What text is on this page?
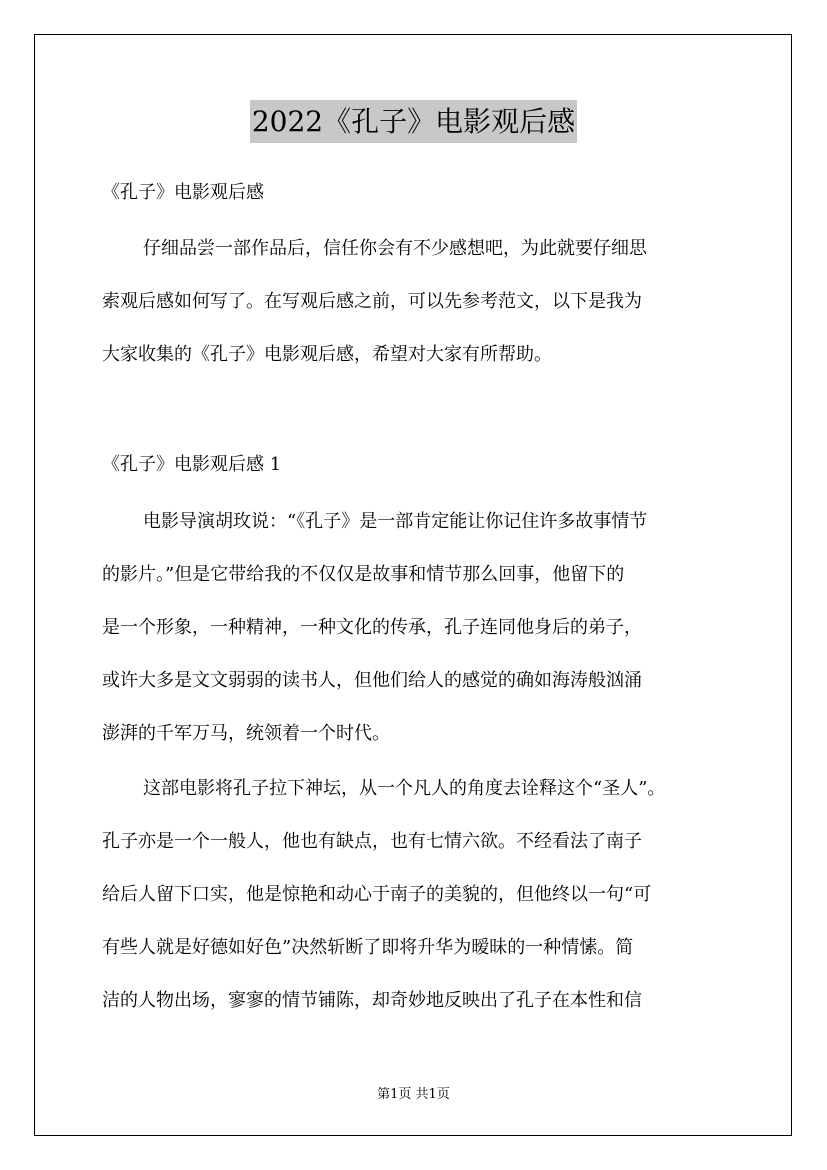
2022《孔子》电影观后感
《孔子》电影观后感
仔细品尝一部作品后，信任你会有不少感想吧，为此就要仔细思
索观后感如何写了。在写观后感之前，可以先参考范文，以下是我为
大家收集的《孔子》电影观后感，希望对大家有所帮助。
《孔子》电影观后感 1
电影导演胡玫说：“《孔子》是一部肯定能让你记住许多故事情节
的影片。”但是它带给我的不仅仅是故事和情节那么回事，他留下的
是一个形象，一种精神，一种文化的传承，孔子连同他身后的弟子，
或许大多是文文弱弱的读书人，但他们给人的感觉的确如海涛般汹涌
澎湃的千军万马，统领着一个时代。
这部电影将孔子拉下神坛，从一个凡人的角度去诠释这个“圣人”。
孔子亦是一个一般人，他也有缺点，也有七情六欲。不经看法了南子
给后人留下口实，他是惊艳和动心于南子的美貌的，但他终以一句“可
有些人就是好德如好色”决然斩断了即将升华为暧昧的一种情愫。简
洁的人物出场，寥寥的情节铺陈，却奇妙地反映出了孔子在本性和信
第1页 共1页
